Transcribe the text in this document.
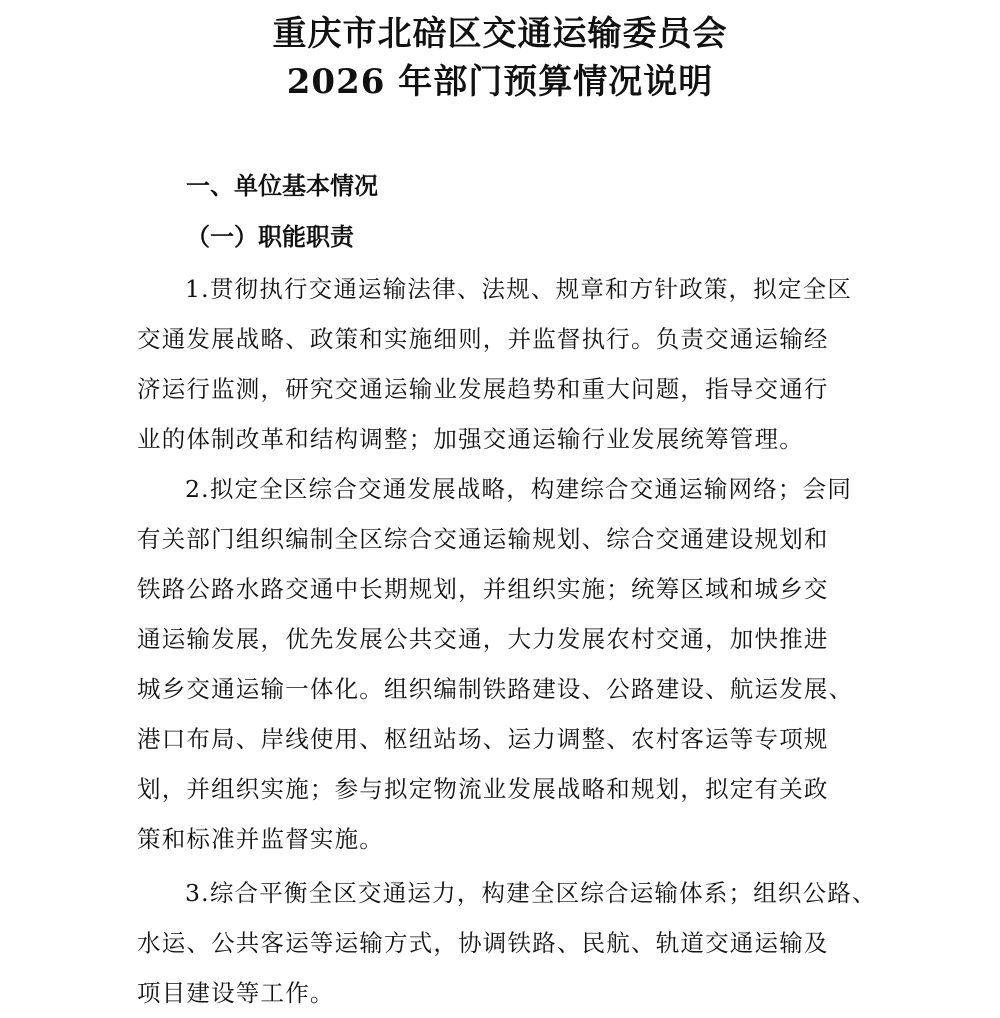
重庆市北碚区交通运输委员会
2026 年部门预算情况说明
一、单位基本情况
（一）职能职责
1.贯彻执行交通运输法律、法规、规章和方针政策，拟定全区
交通发展战略、政策和实施细则，并监督执行。负责交通运输经
济运行监测，研究交通运输业发展趋势和重大问题，指导交通行
业的体制改革和结构调整；加强交通运输行业发展统筹管理。
2.拟定全区综合交通发展战略，构建综合交通运输网络；会同
有关部门组织编制全区综合交通运输规划、综合交通建设规划和
铁路公路水路交通中长期规划，并组织实施；统筹区域和城乡交
通运输发展，优先发展公共交通，大力发展农村交通，加快推进
城乡交通运输一体化。组织编制铁路建设、公路建设、航运发展、
港口布局、岸线使用、枢纽站场、运力调整、农村客运等专项规
划，并组织实施；参与拟定物流业发展战略和规划，拟定有关政
策和标准并监督实施。
3.综合平衡全区交通运力，构建全区综合运输体系；组织公路、
水运、公共客运等运输方式，协调铁路、民航、轨道交通运输及
项目建设等工作。
